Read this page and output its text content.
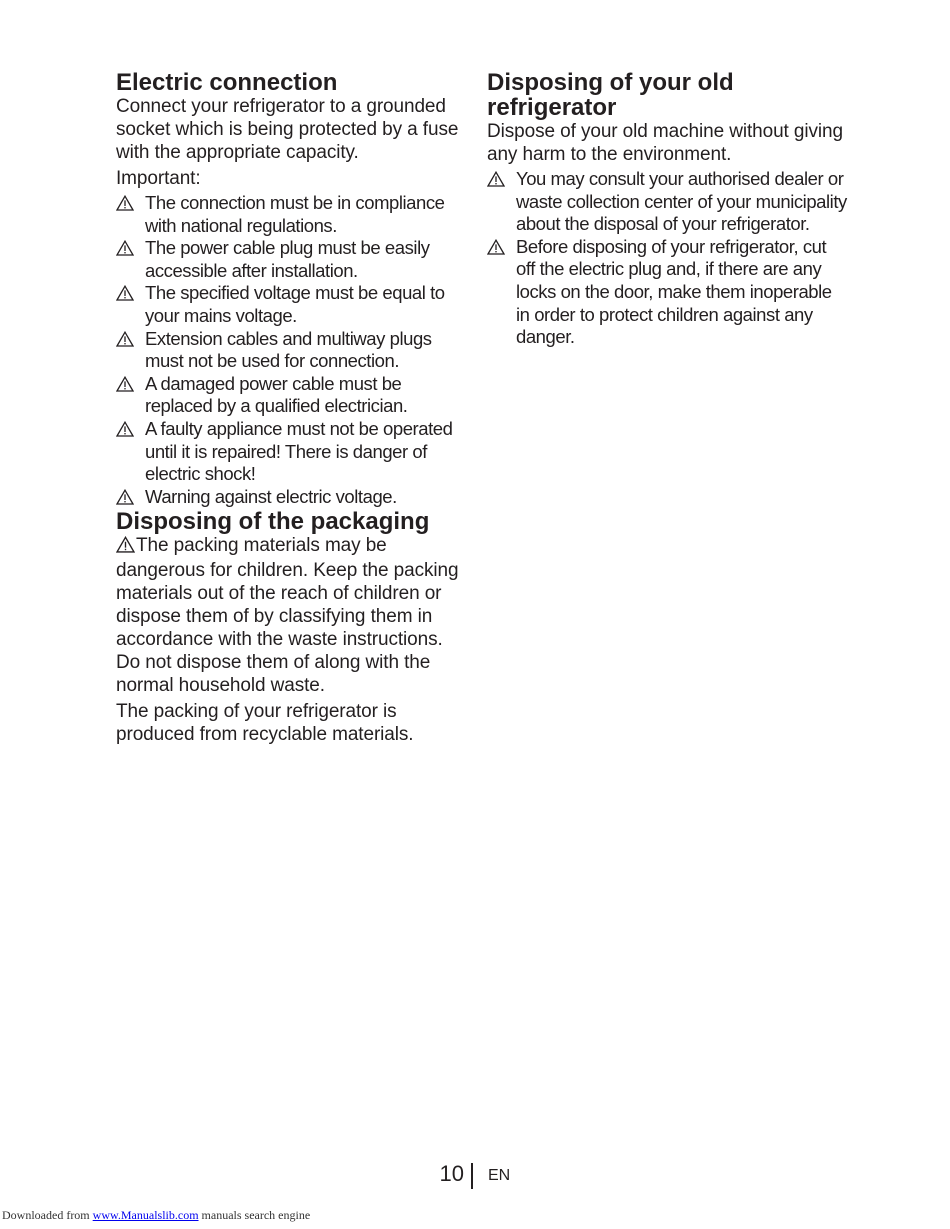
Electric connection

Connect your refrigerator to a grounded socket which is being protected by a fuse with the appropriate capacity.

Important:

The connection must be in compliance with national regulations.
The power cable plug must be easily accessible after installation.
The specified voltage must be equal to your mains voltage.
Extension cables and multiway plugs must not be used for connection.
A damaged power cable must be replaced by a qualified electrician.
A faulty appliance must not be operated until it is repaired! There is danger of electric shock!
Warning against electric voltage.
Disposing of the packaging

The packing materials may be dangerous for children. Keep the packing materials out of the reach of children or dispose them of by classifying them in accordance with the waste instructions. Do not dispose them of along with the normal household waste.

The packing of your refrigerator is produced from recyclable materials.

Disposing of your old refrigerator

Dispose of your old machine without giving any harm to the environment.

You may consult your authorised dealer or waste collection center of your municipality about the disposal of your refrigerator.
Before disposing of your refrigerator, cut off the electric plug and, if there are any locks on the door, make them inoperable in order to protect children against any danger.
10 EN
Downloaded from www.Manualslib.com manuals search engine
